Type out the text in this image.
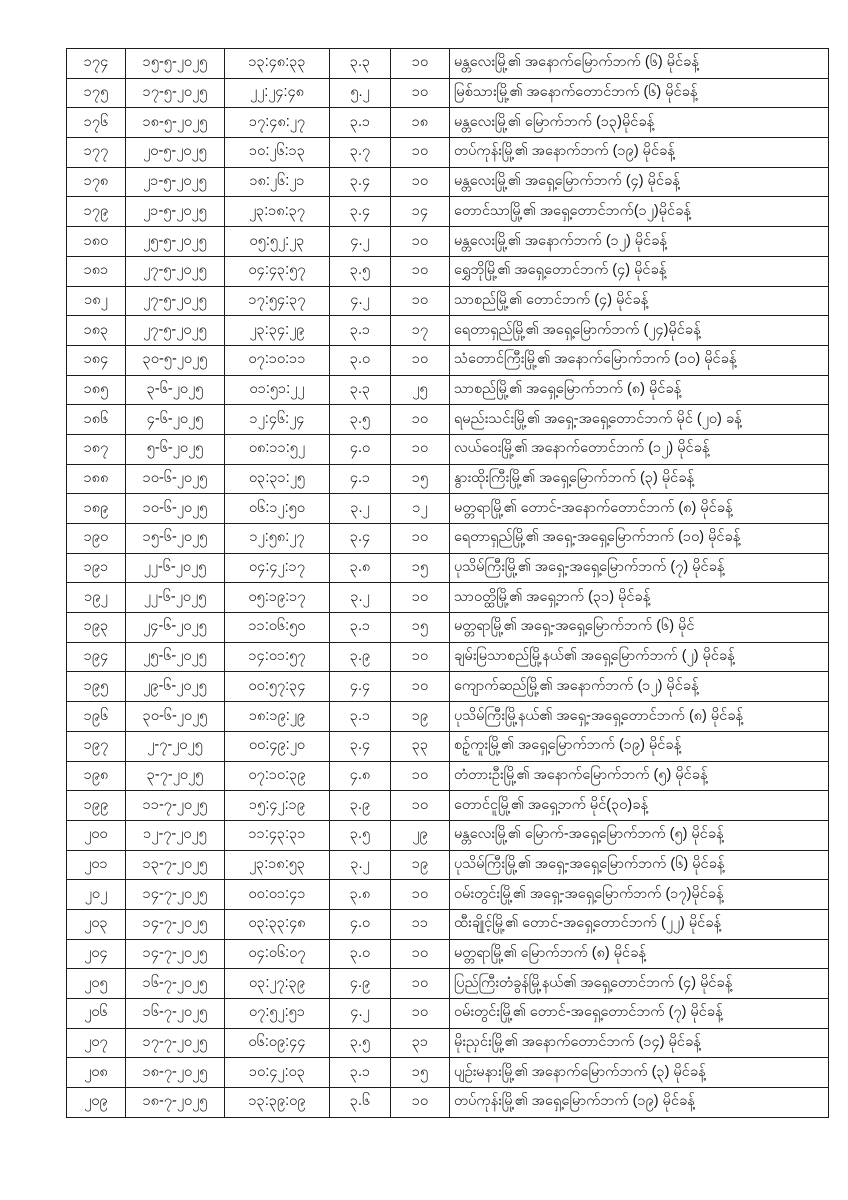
၁၇၄	၁၅-၅-၂၀၂၅	၁၃:၄၈:၃၃	၃.၃	၁၀	မန္တလေးမြို့၏ အနောက်မြောက်ဘက် (၆) မိုင်ခန့်
၁၇၅	၁၇-၅-၂၀၂၅	၂၂:၂၄:၄၈	၅.၂	၁၀	မြစ်သားမြို့၏ အနောက်တောင်ဘက် (၆) မိုင်ခန့်
၁၇၆	၁၈-၅-၂၀၂၅	၁၇:၄၈:၂၇	၃.၁	၁၈	မန္တလေးမြို့၏ မြောက်ဘက် (၁၃)မိုင်ခန့်
၁၇၇	၂၀-၅-၂၀၂၅	၁၀:၂၆:၁၃	၃.၇	၁၀	တပ်ကုန်းမြို့၏ အနောက်ဘက် (၁၉) မိုင်ခန့်
၁၇၈	၂၁-၅-၂၀၂၅	၁၈:၂၆:၂၁	၃.၄	၁၀	မန္တလေးမြို့၏ အရှေ့မြောက်ဘက် (၄) မိုင်ခန့်
၁၇၉	၂၁-၅-၂၀၂၅	၂၃:၁၈:၃၇	၃.၄	၁၄	တောင်သာမြို့၏ အရှေ့တောင်ဘက်(၁၂)မိုင်ခန့်
၁၈၀	၂၅-၅-၂၀၂၅	၀၅:၅၂:၂၃	၄.၂	၁၀	မန္တလေးမြို့၏ အနောက်ဘက် (၁၂) မိုင်ခန့်
၁၈၁	၂၇-၅-၂၀၂၅	၀၄:၄၃:၅၇	၃.၅	၁၀	ရွှေဘိုမြို့၏ အရှေ့တောင်ဘက် (၄) မိုင်ခန့်
၁၈၂	၂၇-၅-၂၀၂၅	၁၇:၅၄:၃၇	၄.၂	၁၀	သာစည်မြို့၏ တောင်ဘက် (၄) မိုင်ခန့်
၁၈၃	၂၇-၅-၂၀၂၅	၂၃:၃၄:၂၉	၃.၁	၁၇	ရေတာရှည်မြို့၏ အရှေ့မြောက်ဘက် (၂၄)မိုင်ခန့်
၁၈၄	၃၀-၅-၂၀၂၅	၀၇:၁၀:၁၁	၃.၀	၁၀	သံတောင်ကြီးမြို့၏ အနောက်မြောက်ဘက် (၁၀) မိုင်ခန့်
၁၈၅	၃-၆-၂၀၂၅	၀၁:၅၁:၂၂	၃.၃	၂၅	သာစည်မြို့၏ အရှေ့မြောက်ဘက် (၈) မိုင်ခန့်
၁၈၆	၄-၆-၂၀၂၅	၁၂:၄၆:၂၄	၃.၅	၁၀	ရမည်းသင်းမြို့၏ အရှေ့-အရှေ့တောင်ဘက် မိုင် (၂၀) ခန့်
၁၈၇	၅-၆-၂၀၂၅	၀၈:၁၁:၅၂	၄.၀	၁၀	လယ်ဝေးမြို့၏ အနောက်တောင်ဘက် (၁၂) မိုင်ခန့်
၁၈၈	၁၀-၆-၂၀၂၅	၀၃:၃၁:၂၅	၄.၁	၁၅	နွားထိုးကြီးမြို့၏ အရှေ့မြောက်ဘက် (၃) မိုင်ခန့်
၁၈၉	၁၀-၆-၂၀၂၅	၀၆:၁၂:၅၀	၃.၂	၁၂	မတ္တရာမြို့၏ တောင်-အနောက်တောင်ဘက် (၈) မိုင်ခန့်
၁၉၀	၁၅-၆-၂၀၂၅	၁၂:၅၈:၂၇	၃.၄	၁၀	ရေတာရှည်မြို့၏ အရှေ့-အရှေ့မြောက်ဘက် (၁၀) မိုင်ခန့်
၁၉၁	၂၂-၆-၂၀၂၅	၀၄:၄၂:၁၇	၃.၈	၁၅	ပုသိမ်ကြီးမြို့၏ အရှေ့-အရှေ့မြောက်ဘက် (၇) မိုင်ခန့်
၁၉၂	၂၂-၆-၂၀၂၅	၀၅:၁၉:၁၇	၃.၂	၁၀	သာဝတ္ထိမြို့၏ အရှေ့ဘက် (၃၁) မိုင်ခန့်
၁၉၃	၂၄-၆-၂၀၂၅	၁၁:၀၆:၅၀	၃.၁	၁၅	မတ္တရာမြို့၏ အရှေ့-အရှေ့မြောက်ဘက် (၆) မိုင်
၁၉၄	၂၅-၆-၂၀၂၅	၁၄:၀၁:၅၇	၃.၉	၁၀	ချမ်းမြသာစည်မြို့နယ်၏ အရှေ့မြောက်ဘက် (၂) မိုင်ခန့်
၁၉၅	၂၉-၆-၂၀၂၅	၀၀:၅၇:၃၄	၄.၄	၁၀	ကျောက်ဆည်မြို့၏ အနောက်ဘက် (၁၂) မိုင်ခန့်
၁၉၆	၃၀-၆-၂၀၂၅	၁၈:၁၉:၂၉	၃.၁	၁၉	ပုသိမ်ကြီးမြို့နယ်၏ အရှေ့-အရှေ့တောင်ဘက် (၈) မိုင်ခန့်
၁၉၇	၂-၇-၂၀၂၅	၀၀:၄၉:၂၀	၃.၄	၃၃	စဉ့်ကူးမြို့၏ အရှေ့မြောက်ဘက် (၁၉) မိုင်ခန့်
၁၉၈	၃-၇-၂၀၂၅	၀၇:၁၀:၃၉	၄.၈	၁၀	တံတားဦးမြို့၏ အနောက်မြောက်ဘက် (၅) မိုင်ခန့်
၁၉၉	၁၁-၇-၂၀၂၅	၁၅:၄၂:၁၉	၃.၉	၁၀	တောင်ငူမြို့၏ အရှေ့ဘက် မိုင်(၃၀)ခန့်
၂၀၀	၁၂-၇-၂၀၂၅	၁၁:၄၃:၃၁	၃.၅	၂၉	မန္တလေးမြို့၏ မြောက်-အရှေ့မြောက်ဘက် (၅) မိုင်ခန့်
၂၀၁	၁၃-၇-၂၀၂၅	၂၃:၁၈:၅၃	၃.၂	၁၉	ပုသိမ်ကြီးမြို့၏ အရှေ့-အရှေ့မြောက်ဘက် (၆) မိုင်ခန့်
၂၀၂	၁၄-၇-၂၀၂၅	၀၀:၀၁:၄၁	၃.၈	၁၀	ဝမ်းတွင်းမြို့၏ အရှေ့-အရှေ့မြောက်ဘက် (၁၇)မိုင်ခန့်
၂၀၃	၁၄-၇-၂၀၂၅	၀၃:၃၃:၄၈	၄.၀	၁၁	ထီးချိုင့်မြို့၏ တောင်-အရှေ့တောင်ဘက် (၂၂) မိုင်ခန့်
၂၀၄	၁၄-၇-၂၀၂၅	၀၄:၀၆:၀၇	၃.၀	၁၀	မတ္တရာမြို့၏ မြောက်ဘက် (၈) မိုင်ခန့်
၂၀၅	၁၆-၇-၂၀၂၅	၀၃:၂၇:၃၉	၄.၉	၁၀	ပြည်ကြီးတံခွန်မြို့နယ်၏ အရှေ့တောင်ဘက် (၄) မိုင်ခန့်
၂၀၆	၁၆-၇-၂၀၂၅	၀၇:၅၂:၅၁	၄.၂	၁၀	ဝမ်းတွင်းမြို့၏ တောင်-အရှေ့တောင်ဘက် (၇) မိုင်ခန့်
၂၀၇	၁၇-၇-၂၀၂၅	၀၆:၀၉:၄၄	၃.၅	၃၁	မိုးညှင်းမြို့၏ အနောက်တောင်ဘက် (၁၄) မိုင်ခန့်
၂၀၈	၁၈-၇-၂၀၂၅	၁၀:၄၂:၀၃	၃.၁	၁၅	ပျဉ်းမနားမြို့၏ အနောက်မြောက်ဘက် (၃) မိုင်ခန့်
၂၀၉	၁၈-၇-၂၀၂၅	၁၃:၃၉:၀၉	၃.၆	၁၀	တပ်ကုန်းမြို့၏ အရှေ့မြောက်ဘက် (၁၉) မိုင်ခန့်
